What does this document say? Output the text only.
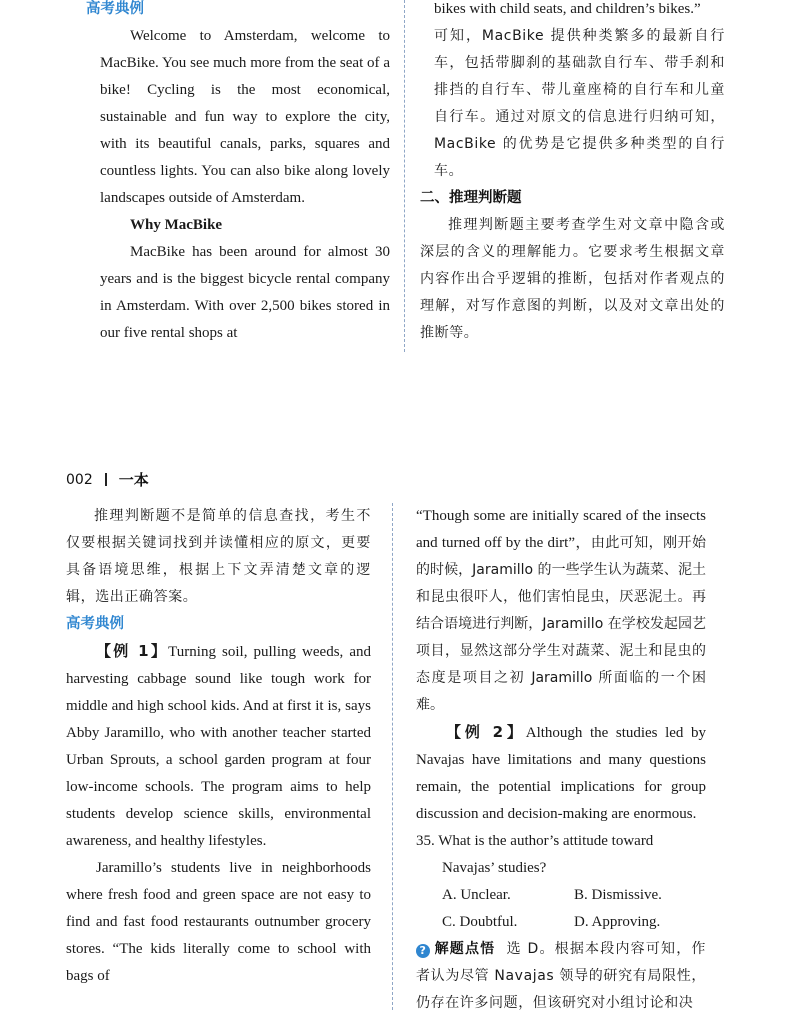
高考典例

Welcome to Amsterdam, welcome to MacBike. You see much more from the seat of a bike! Cycling is the most economical, sustainable and fun way to explore the city, with its beautiful canals, parks, squares and countless lights. You can also bike along lovely landscapes outside of Amsterdam.

Why MacBike

MacBike has been around for almost 30 years and is the biggest bicycle rental company in Amsterdam. With over 2,500 bikes stored in our five rental shops at

bikes with child seats, and children’s bikes.”

可知，MacBike 提供种类繁多的最新自行车，包括带脚刹的基础款自行车、带手刹和排挡的自行车、带儿童座椅的自行车和儿童自行车。通过对原文的信息进行归纳可知，MacBike 的优势是它提供多种类型的自行车。

二、推理判断题

推理判断题主要考查学生对文章中隐含或深层的含义的理解能力。它要求考生根据文章内容作出合乎逻辑的推断，包括对作者观点的理解，对写作意图的判断，以及对文章出处的推断等。

002 一本

推理判断题不是简单的信息查找，考生不仅要根据关键词找到并读懂相应的原文，更要具备语境思维，根据上下文弄清楚文章的逻辑，选出正确答案。

高考典例

【例 1】Turning soil, pulling weeds, and harvesting cabbage sound like tough work for middle and high school kids. And at first it is, says Abby Jaramillo, who with another teacher started Urban Sprouts, a school garden program at four low-income schools. The program aims to help students develop science skills, environmental awareness, and healthy lifestyles.

Jaramillo’s students live in neighborhoods where fresh food and green space are not easy to find and fast food restaurants outnumber grocery stores. “The kids literally come to school with bags of

“Though some are initially scared of the insects and turned off by the dirt”，由此可知，刚开始的时候，Jaramillo 的一些学生认为蔬菜、泥土和昆虫很吓人，他们害怕昆虫，厌恶泥土。再结合语境进行判断，Jaramillo 在学校发起园艺项目，显然这部分学生对蔬菜、泥土和昆虫的态度是项目之初 Jaramillo 所面临的一个困难。

【例 2】Although the studies led by Navajas have limitations and many questions remain, the potential implications for group discussion and decision-making are enormous.

35. What is the author’s attitude toward Navajas’ studies?

A. Unclear.	B. Dismissive.
C. Doubtful.	D. Approving.

? 解题点悟 选 D。根据本段内容可知，作者认为尽管 Navajas 领导的研究有局限性，仍存在许多问题，但该研究对小组讨论和决
